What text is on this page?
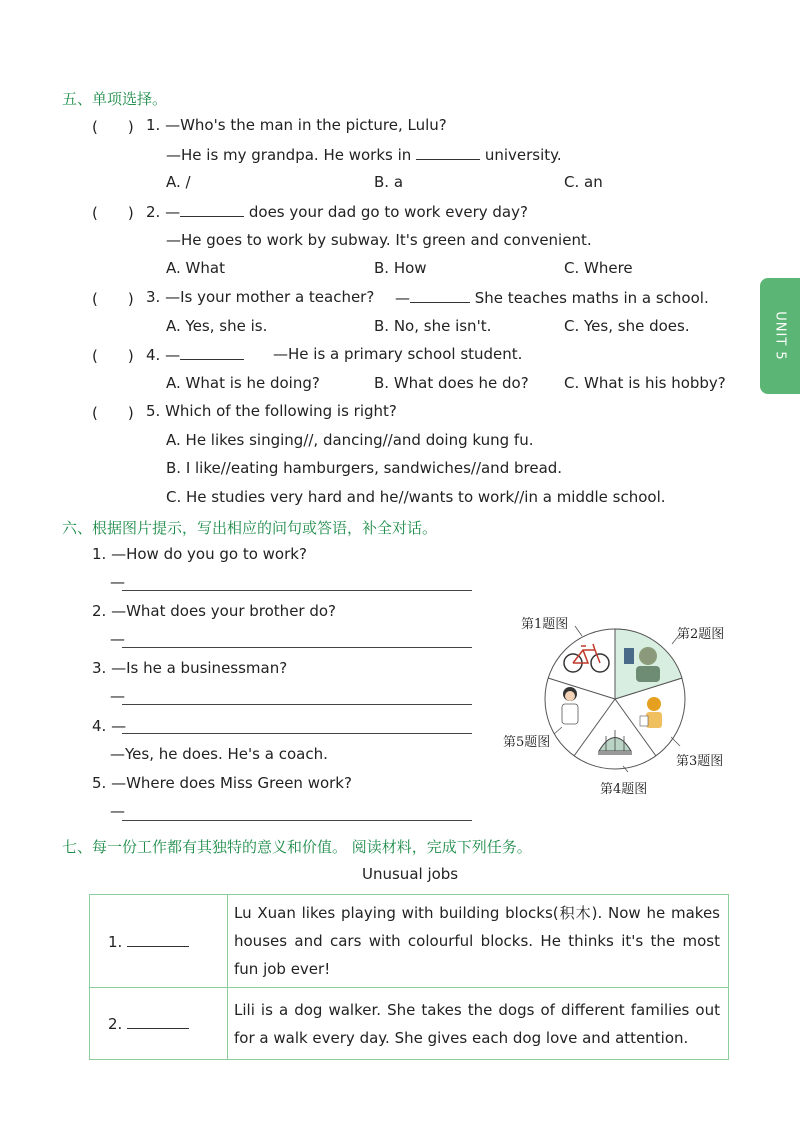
五、单项选择。
(　　) 1. —Who's the man in the picture, Lulu?
—He is my grandpa. He works in	university.
A. /	B. a	C. an
(　　) 2. —	does your dad go to work every day?
—He goes to work by subway. It's green and convenient.
A. What	B. How	C. Where
(　　) 3. —Is your mother a teacher? —	She teaches maths in a school.
A. Yes, she is.	B. No, she isn't.	C. Yes, she does.
(　　) 4. —	—He is a primary school student.
A. What is he doing?	B. What does he do? C. What is his hobby?
(　　) 5. Which of the following is right?
A. He likes singing//, dancing//and doing kung fu.
B. I like//eating hamburgers, sandwiches//and bread.
C. He studies very hard and he//wants to work//in a middle school.
UNIT 5
六、根据图片提示，写出相应的问句或答语，补全对话。
1. —How do you go to work?
—
2. —What does your brother do?
—
3. —Is he a businessman?
—
4. —
—Yes, he does. He's a coach.
5. —Where does Miss Green work?
—
第1题图
第2题图
第3题图
第4题图
第5题图
七、每一份工作都有其独特的意义和价值。 阅读材料，完成下列任务。
Unusual jobs
1.	Lu Xuan likes playing with building blocks(积木). Now he makes houses and cars with colourful blocks. He thinks it's the most fun job ever!
2.	Lili is a dog walker. She takes the dogs of different families out for a walk every day. She gives each dog love and attention.
